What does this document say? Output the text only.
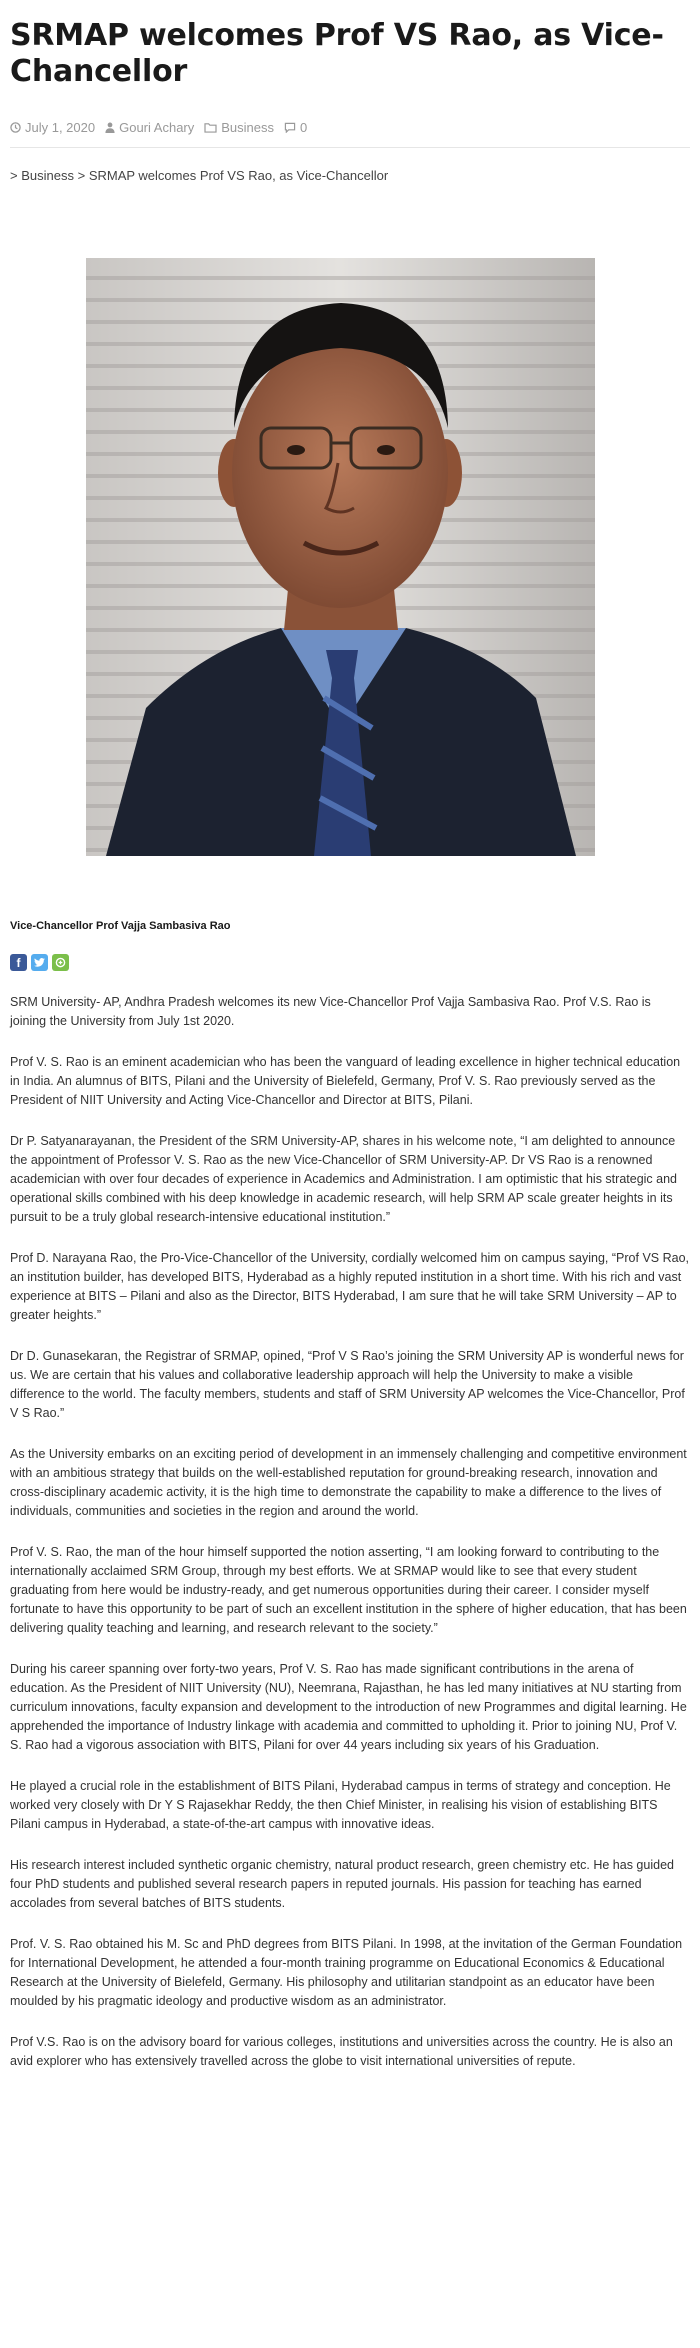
SRMAP welcomes Prof VS Rao, as Vice-Chancellor
July 1, 2020 Gouri Achary Business 0
> Business > SRMAP welcomes Prof VS Rao, as Vice-Chancellor
Vice-Chancellor Prof Vajja Sambasiva Rao
f

SRM University- AP, Andhra Pradesh welcomes its new Vice-Chancellor Prof Vajja Sambasiva Rao. Prof V.S. Rao is joining the University from July 1st 2020.

Prof V. S. Rao is an eminent academician who has been the vanguard of leading excellence in higher technical education in India. An alumnus of BITS, Pilani and the University of Bielefeld, Germany, Prof V. S. Rao previously served as the President of NIIT University and Acting Vice-Chancellor and Director at BITS, Pilani.

Dr P. Satyanarayanan, the President of the SRM University-AP, shares in his welcome note, “I am delighted to announce the appointment of Professor V. S. Rao as the new Vice-Chancellor of SRM University-AP. Dr VS Rao is a renowned academician with over four decades of experience in Academics and Administration. I am optimistic that his strategic and operational skills combined with his deep knowledge in academic research, will help SRM AP scale greater heights in its pursuit to be a truly global research-intensive educational institution.”

Prof D. Narayana Rao, the Pro-Vice-Chancellor of the University, cordially welcomed him on campus saying, “Prof VS Rao, an institution builder, has developed BITS, Hyderabad as a highly reputed institution in a short time. With his rich and vast experience at BITS – Pilani and also as the Director, BITS Hyderabad, I am sure that he will take SRM University – AP to greater heights.”

Dr D. Gunasekaran, the Registrar of SRMAP, opined, “Prof V S Rao’s joining the SRM University AP is wonderful news for us. We are certain that his values and collaborative leadership approach will help the University to make a visible difference to the world. The faculty members, students and staff of SRM University AP welcomes the Vice-Chancellor, Prof V S Rao.”

As the University embarks on an exciting period of development in an immensely challenging and competitive environment with an ambitious strategy that builds on the well-established reputation for ground-breaking research, innovation and cross-disciplinary academic activity, it is the high time to demonstrate the capability to make a difference to the lives of individuals, communities and societies in the region and around the world.

Prof V. S. Rao, the man of the hour himself supported the notion asserting, “I am looking forward to contributing to the internationally acclaimed SRM Group, through my best efforts. We at SRMAP would like to see that every student graduating from here would be industry-ready, and get numerous opportunities during their career. I consider myself fortunate to have this opportunity to be part of such an excellent institution in the sphere of higher education, that has been delivering quality teaching and learning, and research relevant to the society.”

During his career spanning over forty-two years, Prof V. S. Rao has made significant contributions in the arena of education. As the President of NIIT University (NU), Neemrana, Rajasthan, he has led many initiatives at NU starting from curriculum innovations, faculty expansion and development to the introduction of new Programmes and digital learning. He apprehended the importance of Industry linkage with academia and committed to upholding it. Prior to joining NU, Prof V. S. Rao had a vigorous association with BITS, Pilani for over 44 years including six years of his Graduation.

He played a crucial role in the establishment of BITS Pilani, Hyderabad campus in terms of strategy and conception. He worked very closely with Dr Y S Rajasekhar Reddy, the then Chief Minister, in realising his vision of establishing BITS Pilani campus in Hyderabad, a state-of-the-art campus with innovative ideas.

His research interest included synthetic organic chemistry, natural product research, green chemistry etc. He has guided four PhD students and published several research papers in reputed journals. His passion for teaching has earned accolades from several batches of BITS students.

Prof. V. S. Rao obtained his M. Sc and PhD degrees from BITS Pilani. In 1998, at the invitation of the German Foundation for International Development, he attended a four-month training programme on Educational Economics & Educational Research at the University of Bielefeld, Germany. His philosophy and utilitarian standpoint as an educator have been moulded by his pragmatic ideology and productive wisdom as an administrator.

Prof V.S. Rao is on the advisory board for various colleges, institutions and universities across the country. He is also an avid explorer who has extensively travelled across the globe to visit international universities of repute.
